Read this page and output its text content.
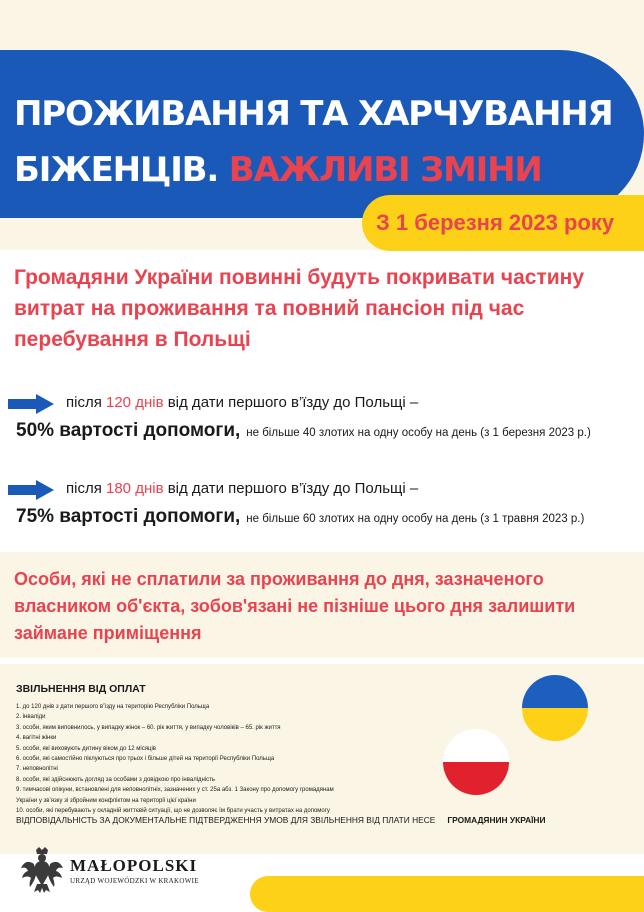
ПРОЖИВАННЯ ТА ХАРЧУВАННЯ
БІЖЕНЦІВ. ВАЖЛИВІ ЗМІНИ
З 1 березня 2023 року

Громадяни України повинні будуть покривати частину витрат на проживання та повний пансіон під час перебування в Польщі

після 120 днів від дати першого в’їзду до Польщі –
50% вартості допомоги, не більше 40 злотих на одну особу на день (з 1 березня 2023 р.)
після 180 днів від дати першого в’їзду до Польщі –
75% вартості допомоги, не більше 60 злотих на одну особу на день (з 1 травня 2023 р.)

Особи, які не сплатили за проживання до дня, зазначеного власником об'єкта, зобов'язані не пізніше цього дня залишити займане приміщення

ЗВІЛЬНЕННЯ ВІД ОПЛАТ
1. до 120 днів з дати першого в’їзду на територію Республіки Польща
2. інваліди
3. особи, яким виповнилось, у випадку жінок – 60. рік життя, у випадку чоловіків – 65. рік життя
4. вагітні жінки
5. особи, які виховують дитину віком до 12 місяців
6. особи, які самостійно піклуються про трьох і більше дітей на території Республіки Польща
7. неповнолітні
8. особи, які здійснюють догляд за особами з довідкою про інвалідність
9. тимчасові опікуни, встановлені для неповнолітніх, зазначених у ст. 25а абз. 1 Закону про допомогу громадянам
України у зв’язку зі збройним конфліктом на території цієї країни
10. особи, які перебувають у складній життєвій ситуації, що не дозволяє їм брати участь у витратах на допомогу
ВІДПОВІДАЛЬНІСТЬ ЗА ДОКУМЕНТАЛЬНЕ ПІДТВЕРДЖЕННЯ УМОВ ДЛЯ ЗВІЛЬНЕННЯ ВІД ПЛАТИ НЕСЕ ГРОМАДЯНИН УКРАЇНИ
MAŁOPOLSKI
URZĄD WOJEWÓDZKI W KRAKOWIE
